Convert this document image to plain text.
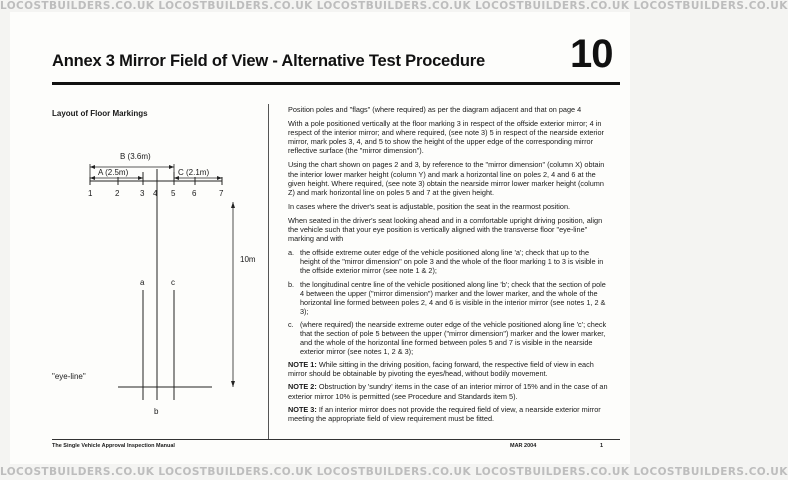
LOCOSTBUILDERS.CO.UK LOCOSTBUILDERS.CO.UK LOCOSTBUILDERS.CO.UK LOCOSTBUILDERS.CO.UK LOCOSTBUILDERS.CO.UK
Annex 3 Mirror Field of View - Alternative Test Procedure 10
Layout of Floor Markings
1	2	3 4 5 6	7
B (3.6m)
A (2.5m)	C (2.1m)
10m
a	c
"eye-line"
b

Position poles and "flags" (where required) as per the diagram adjacent and that on page 4

With a pole positioned vertically at the floor marking 3 in respect of the offside exterior mirror; 4 in respect of the interior mirror; and where required, (see note 3) 5 in respect of the nearside exterior mirror, mark poles 3, 4, and 5 to show the height of the upper edge of the corresponding mirror reflective surface (the "mirror dimension").

Using the chart shown on pages 2 and 3, by reference to the "mirror dimension" (column X) obtain the interior lower marker height (column Y) and mark a horizontal line on poles 2, 4 and 6 at the given height. Where required, (see note 3) obtain the nearside mirror lower marker height (column Z) and mark horizontal line on poles 5 and 7 at the given height.

In cases where the driver's seat is adjustable, position the seat in the rearmost position.

When seated in the driver's seat looking ahead and in a comfortable upright driving position, align the vehicle such that your eye position is vertically aligned with the transverse floor "eye-line" marking and with

a. the offside extreme outer edge of the vehicle positioned along line 'a'; check that up to the height of the "mirror dimension" on pole 3 and the whole of the floor marking 1 to 3 is visible in the offside exterior mirror (see note 1 & 2);
b. the longitudinal centre line of the vehicle positioned along line 'b'; check that the section of pole 4 between the upper ("mirror dimension") marker and the lower marker, and the whole of the horizontal line formed between poles 2, 4 and 6 is visible in the interior mirror (see notes 1, 2 & 3);
c. (where required) the nearside extreme outer edge of the vehicle positioned along line 'c'; check that the section of pole 5 between the upper ("mirror dimension") marker and the lower marker, and the whole of the horizontal line formed between poles 5 and 7 is visible in the nearside exterior mirror (see notes 1, 2 & 3);
NOTE 1: While sitting in the driving position, facing forward, the respective field of view in each mirror should be obtainable by pivoting the eyes/head, without bodily movement.
NOTE 2: Obstruction by 'sundry' items in the case of an interior mirror of 15% and in the case of an exterior mirror 10% is permitted (see Procedure and Standards item 5).
NOTE 3: If an interior mirror does not provide the required field of view, a nearside exterior mirror meeting the appropriate field of view requirement must be fitted.
The Single Vehicle Approval Inspection Manual	MAR 2004	1
LOCOSTBUILDERS.CO.UK LOCOSTBUILDERS.CO.UK LOCOSTBUILDERS.CO.UK LOCOSTBUILDERS.CO.UK LOCOSTBUILDERS.CO.UK
